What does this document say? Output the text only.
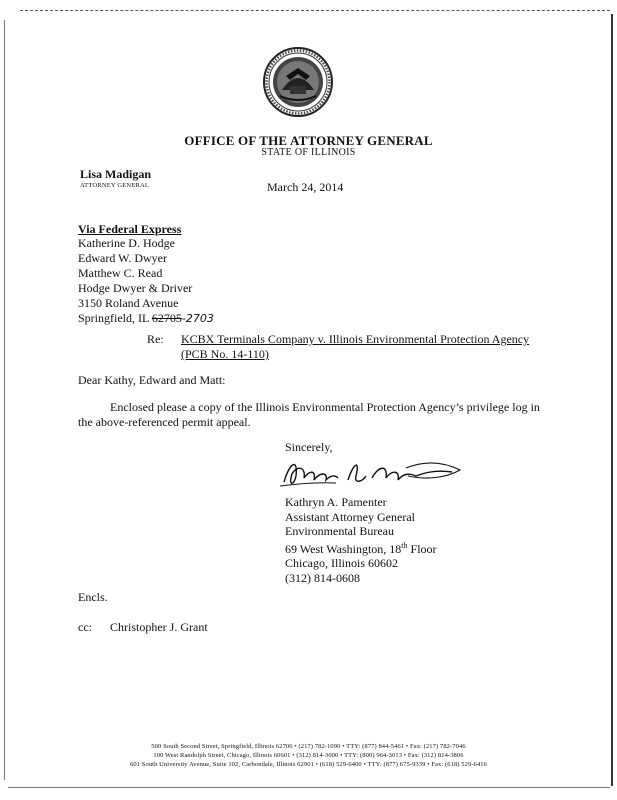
OFFICE OF THE ATTORNEY GENERAL
STATE OF ILLINOIS
Lisa Madigan
ATTORNEY GENERAL	March 24, 2014
Via Federal Express
Katherine D. Hodge
Edward W. Dwyer
Matthew C. Read
Hodge Dwyer & Driver
3150 Roland Avenue
Springfield, IL 62705-2703
Re: KCBX Terminals Company v. Illinois Environmental Protection Agency
(PCB No. 14-110)
Dear Kathy, Edward and Matt:
Enclosed please a copy of the Illinois Environmental Protection Agency’s privilege log in the above-referenced permit appeal.
Sincerely,
Kathryn A. Pamenter
Assistant Attorney General
Environmental Bureau
69 West Washington, 18th Floor
Chicago, Illinois 60602
(312) 814-0608
Encls.
cc: Christopher J. Grant
500 South Second Street, Springfield, Illinois 62706 • (217) 782-1090 • TTY: (877) 844-5461 • Fax: (217) 782-7046
100 West Randolph Street, Chicago, Illinois 60601 • (312) 814-3000 • TTY: (800) 964-3013 • Fax: (312) 814-3806
601 South University Avenue, Suite 102, Carbondale, Illinois 62901 • (618) 529-6400 • TTY: (877) 675-9339 • Fax: (618) 529-6416
